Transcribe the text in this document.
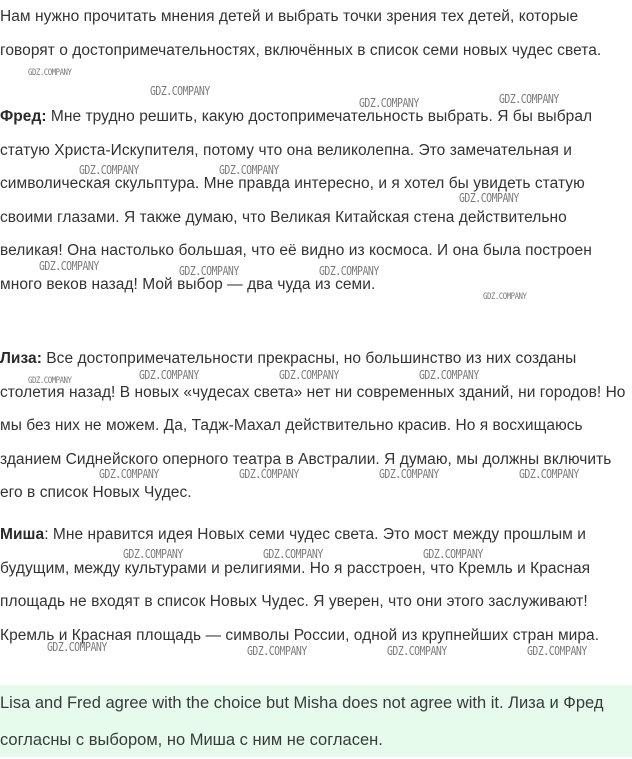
Нам нужно прочитать мнения детей и выбрать точки зрения тех детей, которые говорят о достопримечательностях, включённых в список семи новых чудес света.

Фред: Мне трудно решить, какую достопримечательность выбрать. Я бы выбрал статую Христа-Искупителя, потому что она великолепна. Это замечательная и символическая скульптура. Мне правда интересно, и я хотел бы увидеть статую своими глазами. Я также думаю, что Великая Китайская стена действительно великая! Она настолько большая, что её видно из космоса. И она была построен много веков назад! Мой выбор — два чуда из семи.

Лиза: Все достопримечательности прекрасны, но большинство из них созданы столетия назад! В новых «чудесах света» нет ни современных зданий, ни городов! Но мы без них не можем. Да, Тадж-Махал действительно красив. Но я восхищаюсь зданием Сиднейского оперного театра в Австралии. Я думаю, мы должны включить его в список Новых Чудес.

Миша: Мне нравится идея Новых семи чудес света. Это мост между прошлым и будущим, между культурами и религиями. Но я расстроен, что Кремль и Красная площадь не входят в список Новых Чудес. Я уверен, что они этого заслуживают! Кремль и Красная площадь — символы России, одной из крупнейших стран мира.

Lisa and Fred agree with the choice but Misha does not agree with it. Лиза и Фред согласны с выбором, но Миша с ним не согласен.

GDZ.COMPANY
GDZ.COMPANY
GDZ.COMPANY	GDZ.COMPANY
GDZ.COMPANY	GDZ.COMPANY
GDZ.COMPANY
GDZ.COMPANY	GDZ.COMPANY	GDZ.COMPANY
GDZ.COMPANY
GDZ.COMPANY	GDZ.COMPANY	GDZ.COMPANY	GDZ.COMPANY
GDZ.COMPANY	GDZ.COMPANY	GDZ.COMPANY	GDZ.COMPANY
GDZ.COMPANY	GDZ.COMPANY	GDZ.COMPANY
GDZ.COMPANY	GDZ.COMPANY	GDZ.COMPANY	GDZ.COMPANY
